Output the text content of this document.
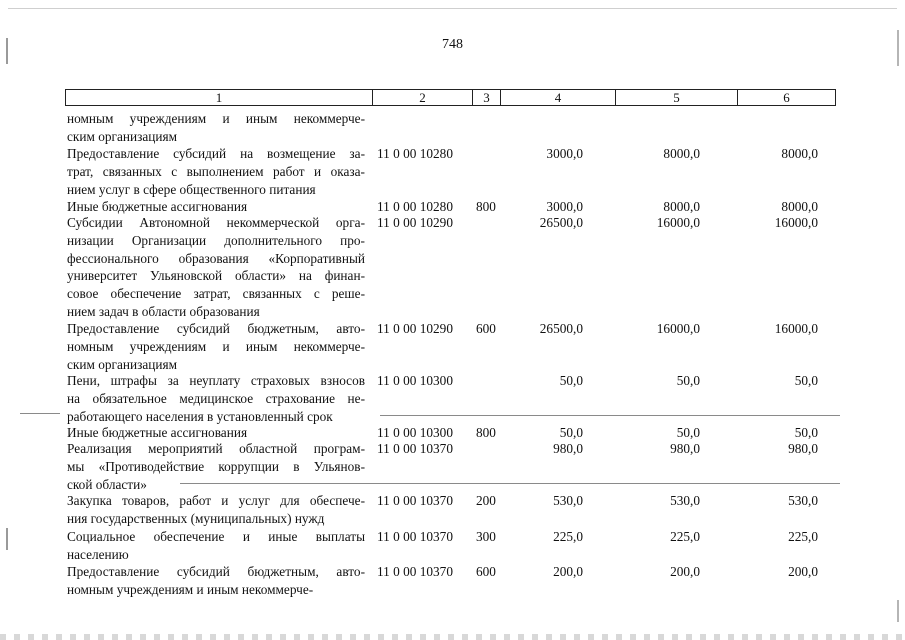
748
1	2	3	4	5	6
номным учреждениям и иным некоммерче-
ским организациям
Предоставление субсидий на возмещение за-
трат, связанных с выполнением работ и оказа-
нием услуг в сфере общественного питания
11 0 00 10280	3000,0	8000,0	8000,0
Иные бюджетные ассигнования	11 0 00 10280 800	3000,0	8000,0	8000,0
Субсидии Автономной некоммерческой орга-
низации Организации дополнительного про-
фессионального образования «Корпоративный
университет Ульяновской области» на финан-
совое обеспечение затрат, связанных с реше-
нием задач в области образования
11 0 00 10290	26500,0	16000,0	16000,0
Предоставление субсидий бюджетным, авто-
номным учреждениям и иным некоммерче-
ским организациям
11 0 00 10290 600	26500,0	16000,0	16000,0
Пени, штрафы за неуплату страховых взносов
на обязательное медицинское страхование не-
работающего населения в установленный срок
11 0 00 10300	50,0	50,0	50,0
Иные бюджетные ассигнования	11 0 00 10300 800	50,0	50,0	50,0
Реализация мероприятий областной програм-
мы «Противодействие коррупции в Ульянов-
ской области»
11 0 00 10370	980,0	980,0	980,0
Закупка товаров, работ и услуг для обеспече-
ния государственных (муниципальных) нужд
11 0 00 10370 200	530,0	530,0	530,0
Социальное обеспечение и иные выплаты
населению
11 0 00 10370 300	225,0	225,0	225,0
Предоставление субсидий бюджетным, авто-
номным учреждениям и иным некоммерче-
11 0 00 10370 600	200,0	200,0	200,0
